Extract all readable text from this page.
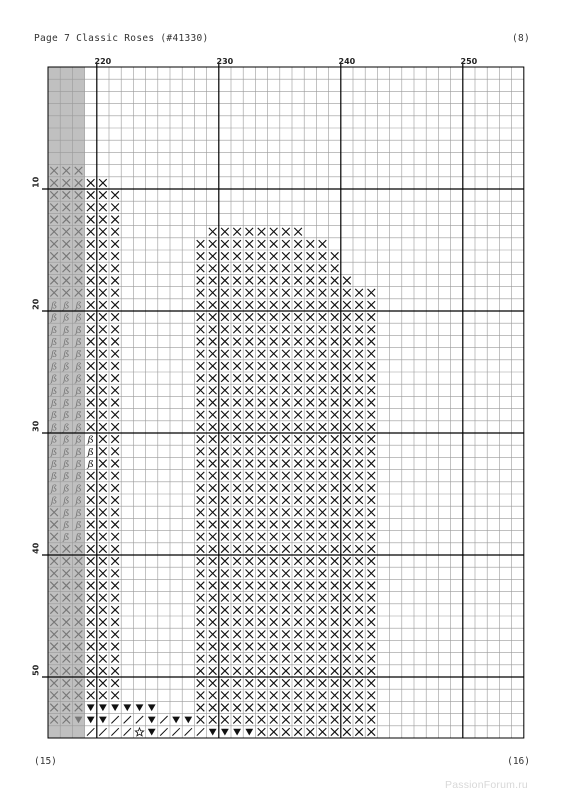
Page 7 Classic Roses (#41330)	(8)
ß ß ß
ß ß ß
ß ß ß
ß ß ß
ß ß ß
ß ß ß
ß ß ß
ß ß ß
ß ß ß
ß ß ß
ß ß ß
ß ß ß
ß ß ß
ß ß ß
ß ß ß
ß ß ß
ß ß ß
ß ß
ß ß
ß ß
ß
ß
ß
220	230	240	250
10
20
30
40
50
(15)	(16)
PassionForum.ru
